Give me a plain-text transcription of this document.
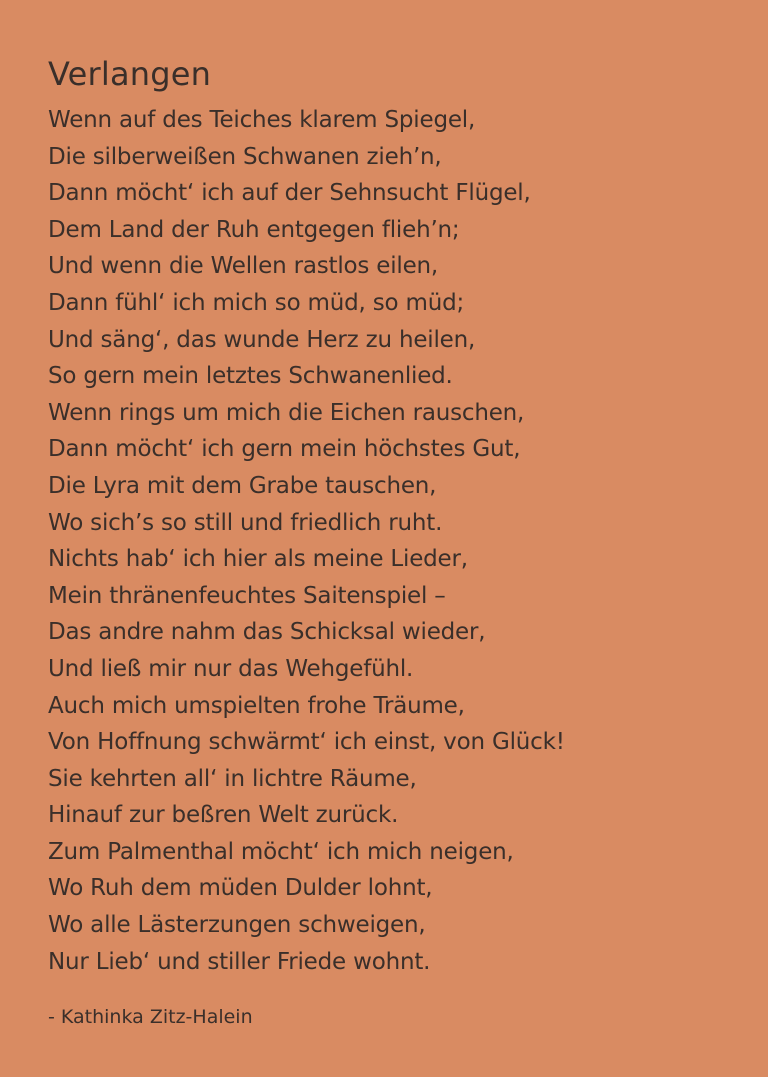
Verlangen
Wenn auf des Teiches klarem Spiegel,
Die silberweißen Schwanen zieh’n,
Dann möcht‘ ich auf der Sehnsucht Flügel,
Dem Land der Ruh entgegen flieh’n;
Und wenn die Wellen rastlos eilen,
Dann fühl‘ ich mich so müd, so müd;
Und säng‘, das wunde Herz zu heilen,
So gern mein letztes Schwanenlied.
Wenn rings um mich die Eichen rauschen,
Dann möcht‘ ich gern mein höchstes Gut,
Die Lyra mit dem Grabe tauschen,
Wo sich’s so still und friedlich ruht.
Nichts hab‘ ich hier als meine Lieder,
Mein thränenfeuchtes Saitenspiel –
Das andre nahm das Schicksal wieder,
Und ließ mir nur das Wehgefühl.
Auch mich umspielten frohe Träume,
Von Hoffnung schwärmt‘ ich einst, von Glück!
Sie kehrten all‘ in lichtre Räume,
Hinauf zur beßren Welt zurück.
Zum Palmenthal möcht‘ ich mich neigen,
Wo Ruh dem müden Dulder lohnt,
Wo alle Lästerzungen schweigen,
Nur Lieb‘ und stiller Friede wohnt.
- Kathinka Zitz-Halein
